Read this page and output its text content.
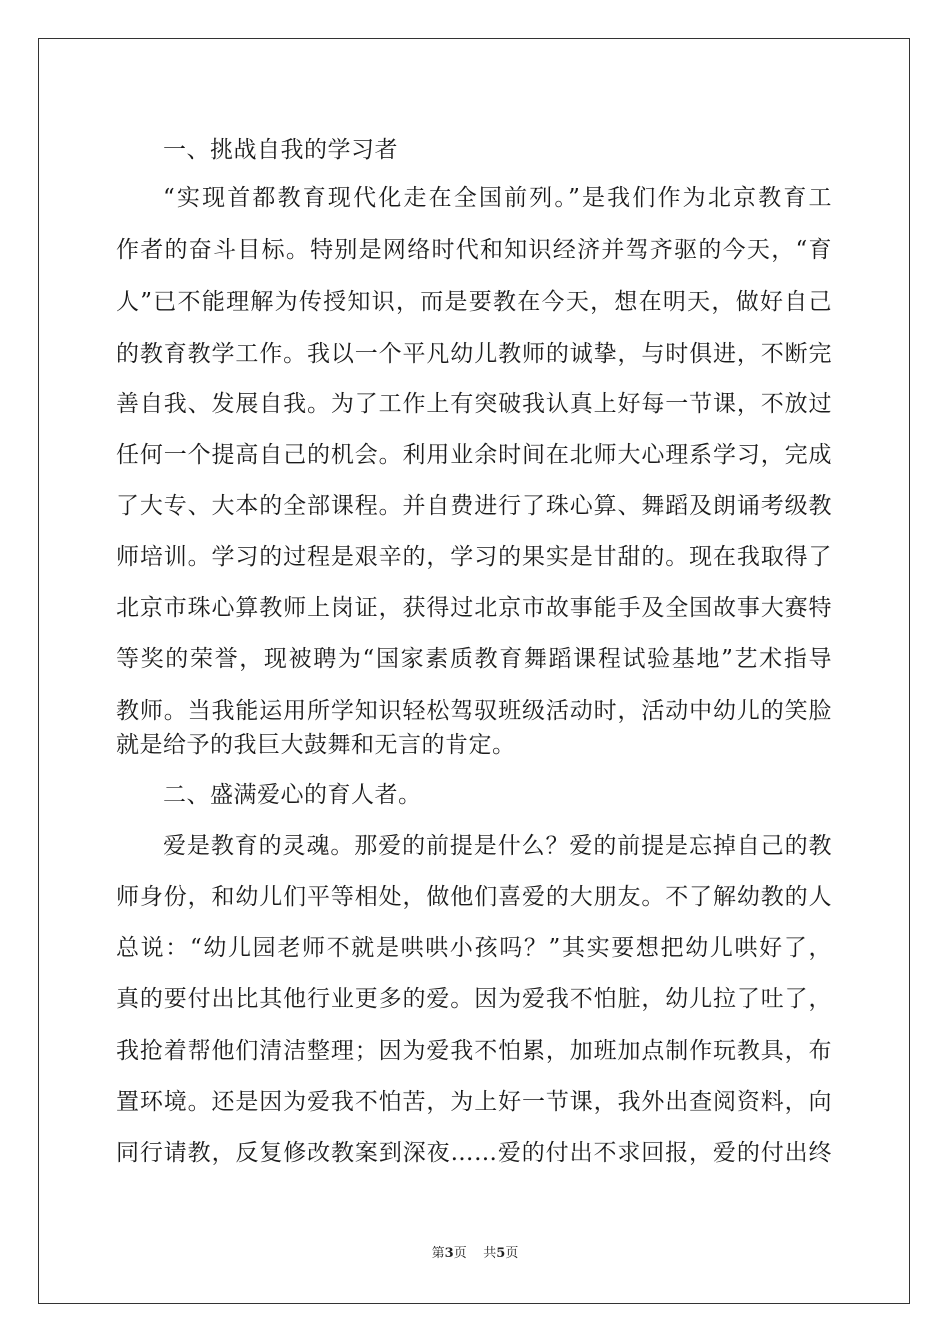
一、挑战自我的学习者
“实现首都教育现代化走在全国前列。”是我们作为北京教育工
作者的奋斗目标。特别是网络时代和知识经济并驾齐驱的今天，“育
人”已不能理解为传授知识，而是要教在今天，想在明天，做好自己
的教育教学工作。我以一个平凡幼儿教师的诚挚，与时俱进，不断完
善自我、发展自我。为了工作上有突破我认真上好每一节课，不放过
任何一个提高自己的机会。利用业余时间在北师大心理系学习，完成
了大专、大本的全部课程。并自费进行了珠心算、舞蹈及朗诵考级教
师培训。学习的过程是艰辛的，学习的果实是甘甜的。现在我取得了
北京市珠心算教师上岗证，获得过北京市故事能手及全国故事大赛特
等奖的荣誉，现被聘为“国家素质教育舞蹈课程试验基地”艺术指导
教师。当我能运用所学知识轻松驾驭班级活动时，活动中幼儿的笑脸
就是给予的我巨大鼓舞和无言的肯定。
二、盛满爱心的育人者。
爱是教育的灵魂。那爱的前提是什么？爱的前提是忘掉自己的教
师身份，和幼儿们平等相处，做他们喜爱的大朋友。不了解幼教的人
总说：“幼儿园老师不就是哄哄小孩吗？”其实要想把幼儿哄好了，
真的要付出比其他行业更多的爱。因为爱我不怕脏，幼儿拉了吐了，
我抢着帮他们清洁整理；因为爱我不怕累，加班加点制作玩教具，布
置环境。还是因为爱我不怕苦，为上好一节课，我外出查阅资料，向
同行请教，反复修改教案到深夜……爱的付出不求回报，爱的付出终
第3页 共5页
